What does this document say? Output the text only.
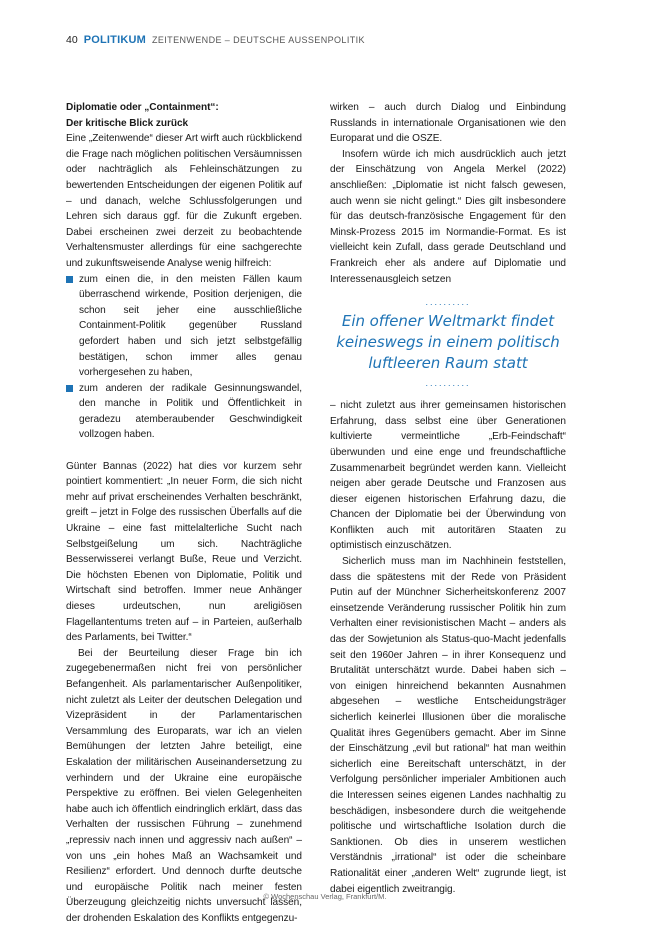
40 POLITIKUM ZEITENWENDE – DEUTSCHE AUSSENPOLITIK

Diplomatie oder „Containment“:

Der kritische Blick zurück

Eine „Zeitenwende“ dieser Art wirft auch rückblickend die Frage nach möglichen politischen Versäumnissen oder nachträglich als Fehleinschätzungen zu bewertenden Entscheidungen der eigenen Politik auf – und danach, welche Schlussfolgerungen und Lehren sich daraus ggf. für die Zukunft ergeben. Dabei erscheinen zwei derzeit zu beobachtende Verhaltensmuster allerdings für eine sachgerechte und zukunftsweisende Analyse wenig hilfreich:

zum einen die, in den meisten Fällen kaum überraschend wirkende, Position derjenigen, die schon seit jeher eine ausschließliche Containment-Politik gegenüber Russland gefordert haben und sich jetzt selbstgefällig bestätigen, schon immer alles genau vorhergesehen zu haben,
zum anderen der radikale Gesinnungswandel, den manche in Politik und Öffentlichkeit in geradezu atemberaubender Geschwindigkeit vollzogen haben.

Günter Bannas (2022) hat dies vor kurzem sehr pointiert kommentiert: „In neuer Form, die sich nicht mehr auf privat erscheinendes Verhalten beschränkt, greift – jetzt in Folge des russischen Überfalls auf die Ukraine – eine fast mittelalterliche Sucht nach Selbstgeißelung um sich. Nachträgliche Besserwisserei verlangt Buße, Reue und Verzicht. Die höchsten Ebenen von Diplomatie, Politik und Wirtschaft sind betroffen. Immer neue Anhänger dieses urdeutschen, nun areligiösen Flagellantentums treten auf – in Parteien, außerhalb des Parlaments, bei Twitter.“

Bei der Beurteilung dieser Frage bin ich zugegebenermaßen nicht frei von persönlicher Befangenheit. Als parlamentarischer Außenpolitiker, nicht zuletzt als Leiter der deutschen Delegation und Vizepräsident in der Parlamentarischen Versammlung des Europarats, war ich an vielen Bemühungen der letzten Jahre beteiligt, eine Eskalation der militärischen Auseinandersetzung zu verhindern und der Ukraine eine europäische Perspektive zu eröffnen. Bei vielen Gelegenheiten habe auch ich öffentlich eindringlich erklärt, dass das Verhalten der russischen Führung – zunehmend „repressiv nach innen und aggressiv nach außen“ – von uns „ein hohes Maß an Wachsamkeit und Resilienz“ erfordert. Und dennoch durfte deutsche und europäische Politik nach meiner festen Überzeugung gleichzeitig nichts unversucht lassen, der drohenden Eskalation des Konflikts entgegenzu-

wirken – auch durch Dialog und Einbindung Russlands in internationale Organisationen wie den Europarat und die OSZE.

Insofern würde ich mich ausdrücklich auch jetzt der Einschätzung von Angela Merkel (2022) anschließen: „Diplomatie ist nicht falsch gewesen, auch wenn sie nicht gelingt.“ Dies gilt insbesondere für das deutsch-französische Engagement für den Minsk-Prozess 2015 im Normandie-Format. Es ist vielleicht kein Zufall, dass gerade Deutschland und Frankreich eher als andere auf Diplomatie und Interessenausgleich setzen

..........
Ein offener Weltmarkt findet keineswegs in einem politisch luftleeren Raum statt
..........

– nicht zuletzt aus ihrer gemeinsamen historischen Erfahrung, dass selbst eine über Generationen kultivierte vermeintliche „Erb-Feindschaft“ überwunden und eine enge und freundschaftliche Zusammenarbeit begründet werden kann. Vielleicht neigen aber gerade Deutsche und Franzosen aus dieser eigenen historischen Erfahrung dazu, die Chancen der Diplomatie bei der Überwindung von Konflikten auch mit autoritären Staaten zu optimistisch einzuschätzen.

Sicherlich muss man im Nachhinein feststellen, dass die spätestens mit der Rede von Präsident Putin auf der Münchner Sicherheitskonferenz 2007 einsetzende Veränderung russischer Politik hin zum Verhalten einer revisionistischen Macht – anders als das der Sowjetunion als Status-quo-Macht jedenfalls seit den 1960er Jahren – in ihrer Konsequenz und Brutalität unterschätzt wurde. Dabei haben sich – von einigen hinreichend bekannten Ausnahmen abgesehen – westliche Entscheidungsträger sicherlich keinerlei Illusionen über die moralische Qualität ihres Gegenübers gemacht. Aber im Sinne der Einschätzung „evil but rational“ hat man weithin sicherlich eine Bereitschaft unterschätzt, in der Verfolgung persönlicher imperialer Ambitionen auch die Interessen seines eigenen Landes nachhaltig zu beschädigen, insbesondere durch die weitgehende politische und wirtschaftliche Isolation durch die Sanktionen. Ob dies in unserem westlichen Verständnis „irrational“ ist oder die scheinbare Rationalität einer „anderen Welt“ zugrunde liegt, ist dabei eigentlich zweitrangig.

© Wochenschau Verlag, Frankfurt/M.
